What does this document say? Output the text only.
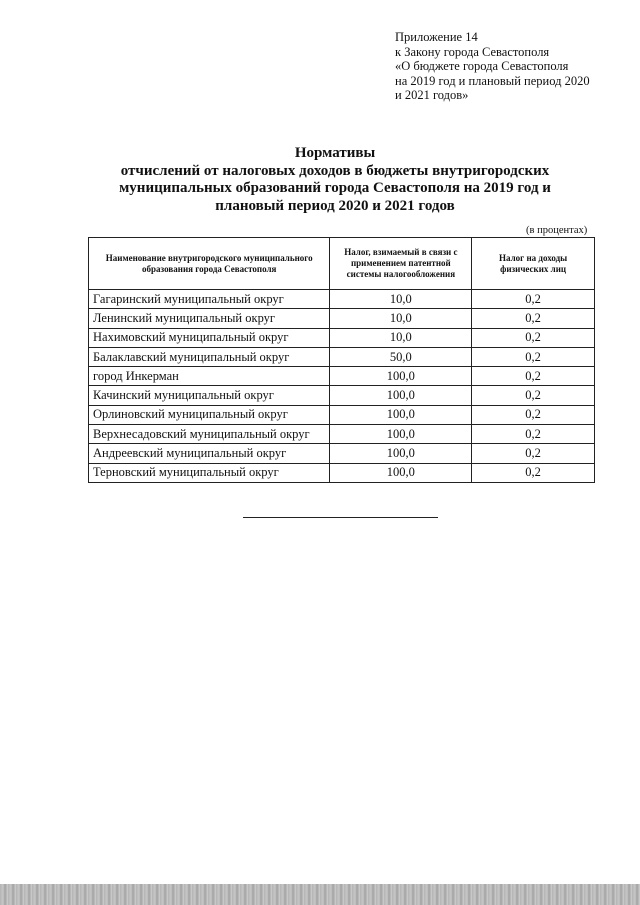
Приложение 14
к Закону города Севастополя
«О бюджете города Севастополя
на 2019 год и плановый период 2020
и 2021 годов»
Нормативы
отчислений от налоговых доходов в бюджеты внутригородских
муниципальных образований города Севастополя на 2019 год и
плановый период 2020 и 2021 годов
(в процентах)
Наименование внутригородского муниципального образования города Севастополя	Налог, взимаемый в связи с применением патентной системы налогообложения	Налог на доходы физических лиц
Гагаринский муниципальный округ	10,0	0,2
Ленинский муниципальный округ	10,0	0,2
Нахимовский муниципальный округ	10,0	0,2
Балаклавский муниципальный округ	50,0	0,2
город Инкерман	100,0	0,2
Качинский муниципальный округ	100,0	0,2
Орлиновский муниципальный округ	100,0	0,2
Верхнесадовский муниципальный округ	100,0	0,2
Андреевский муниципальный округ	100,0	0,2
Терновский муниципальный округ	100,0	0,2
